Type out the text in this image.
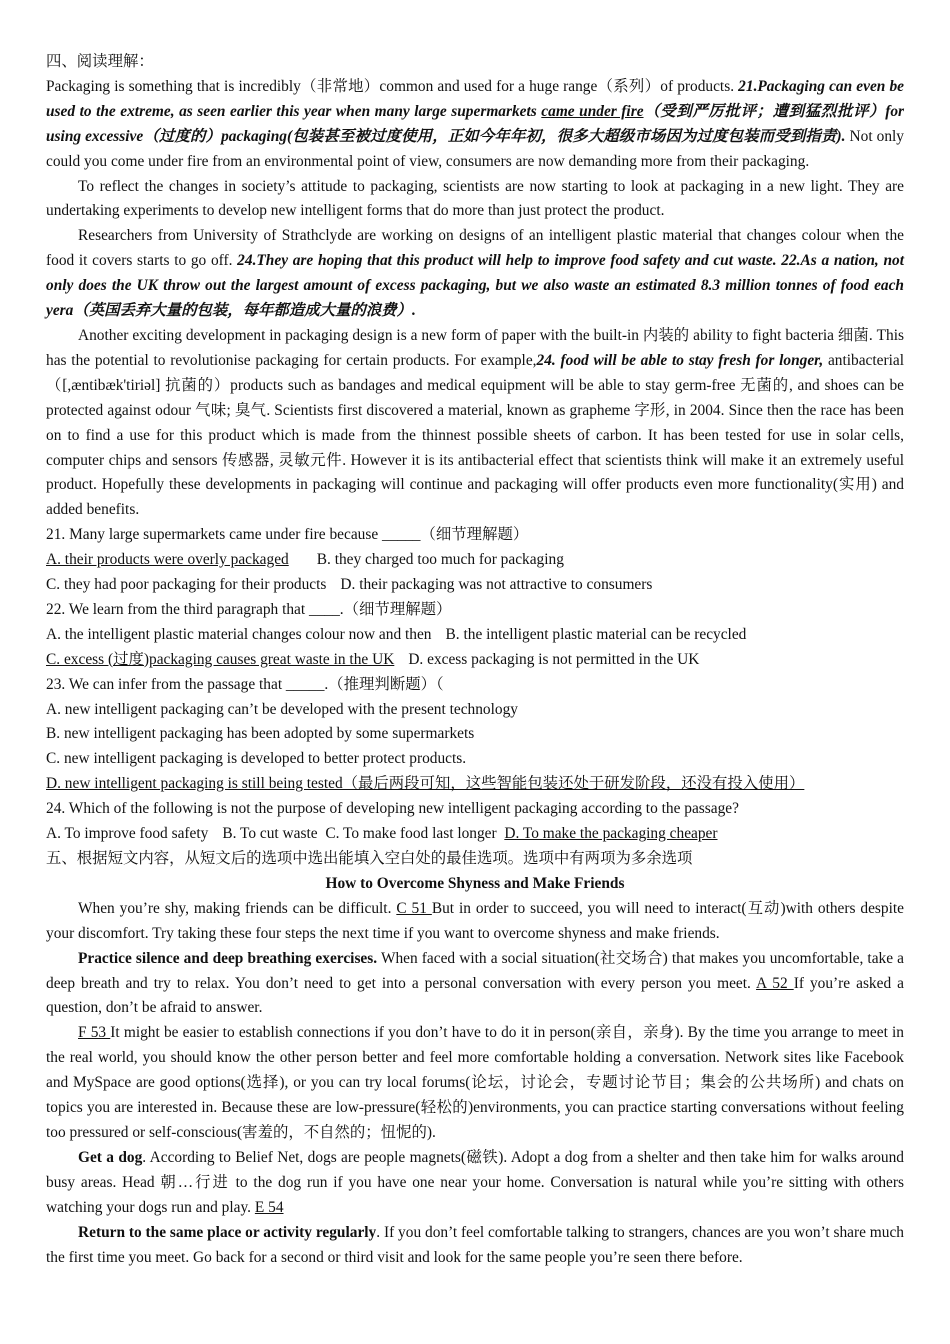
四、阅读理解：

Packaging is something that is incredibly（非常地）common and used for a huge range（系列）of products. 21.Packaging can even be used to the extreme, as seen earlier this year when many large supermarkets came under fire（受到严厉批评；遭到猛烈批评）for using excessive（过度的）packaging(包装甚至被过度使用，正如今年年初，很多大超级市场因为过度包装而受到指责). Not only could you come under fire from an environmental point of view, consumers are now demanding more from their packaging.

To reflect the changes in society’s attitude to packaging, scientists are now starting to look at packaging in a new light. They are undertaking experiments to develop new intelligent forms that do more than just protect the product.

Researchers from University of Strathclyde are working on designs of an intelligent plastic material that changes colour when the food it covers starts to go off. 24.They are hoping that this product will help to improve food safety and cut waste. 22.As a nation, not only does the UK throw out the largest amount of excess packaging, but we also waste an estimated 8.3 million tonnes of food each yera（英国丢弃大量的包装，每年都造成大量的浪费）.

Another exciting development in packaging design is a new form of paper with the built-in 内装的 ability to fight bacteria 细菌. This has the potential to revolutionise packaging for certain products. For example,24. food will be able to stay fresh for longer, antibacterial（[,æntibæk'tiriəl] 抗菌的）products such as bandages and medical equipment will be able to stay germ-free 无菌的, and shoes can be protected against odour 气味; 臭气. Scientists first discovered a material, known as grapheme 字形, in 2004. Since then the race has been on to find a use for this product which is made from the thinnest possible sheets of carbon. It has been tested for use in solar cells, computer chips and sensors 传感器, 灵敏元件. However it is its antibacterial effect that scientists think will make it an extremely useful product. Hopefully these developments in packaging will continue and packaging will offer products even more functionality(实用) and added benefits.

21. Many large supermarkets came under fire because _____（细节理解题）

A. their products were overly packaged B. they charged too much for packaging

C. they had poor packaging for their products D. their packaging was not attractive to consumers

22. We learn from the third paragraph that ____.（细节理解题）

A. the intelligent plastic material changes colour now and then B. the intelligent plastic material can be recycled

C. excess (过度)packaging causes great waste in the UK D. excess packaging is not permitted in the UK

23. We can infer from the passage that _____.（推理判断题）（

A. new intelligent packaging can’t be developed with the present technology

B. new intelligent packaging has been adopted by some supermarkets

C. new intelligent packaging is developed to better protect products.

D. new intelligent packaging is still being tested（最后两段可知，这些智能包装还处于研发阶段，还没有投入使用）

24. Which of the following is not the purpose of developing new intelligent packaging according to the passage?

A. To improve food safety B. To cut waste C. To make food last longer D. To make the packaging cheaper

五、根据短文内容，从短文后的选项中选出能填入空白处的最佳选项。选项中有两项为多余选项

How to Overcome Shyness and Make Friends

When you’re shy, making friends can be difficult. C 51 But in order to succeed, you will need to interact(互动)with others despite your discomfort. Try taking these four steps the next time if you want to overcome shyness and make friends.

Practice silence and deep breathing exercises. When faced with a social situation(社交场合) that makes you uncomfortable, take a deep breath and try to relax. You don’t need to get into a personal conversation with every person you meet. A 52 If you’re asked a question, don’t be afraid to answer.

F 53 It might be easier to establish connections if you don’t have to do it in person(亲自，亲身). By the time you arrange to meet in the real world, you should know the other person better and feel more comfortable holding a conversation. Network sites like Facebook and MySpace are good options(选择), or you can try local forums(论坛，讨论会，专题讨论节目；集会的公共场所) and chats on topics you are interested in. Because these are low-pressure(轻松的)environments, you can practice starting conversations without feeling too pressured or self-conscious(害羞的，不自然的；忸怩的).

Get a dog. According to Belief Net, dogs are people magnets(磁铁). Adopt a dog from a shelter and then take him for walks around busy areas. Head 朝…行进 to the dog run if you have one near your home. Conversation is natural while you’re sitting with others watching your dogs run and play. E 54

Return to the same place or activity regularly. If you don’t feel comfortable talking to strangers, chances are you won’t share much the first time you meet. Go back for a second or third visit and look for the same people you’re seen there before.
